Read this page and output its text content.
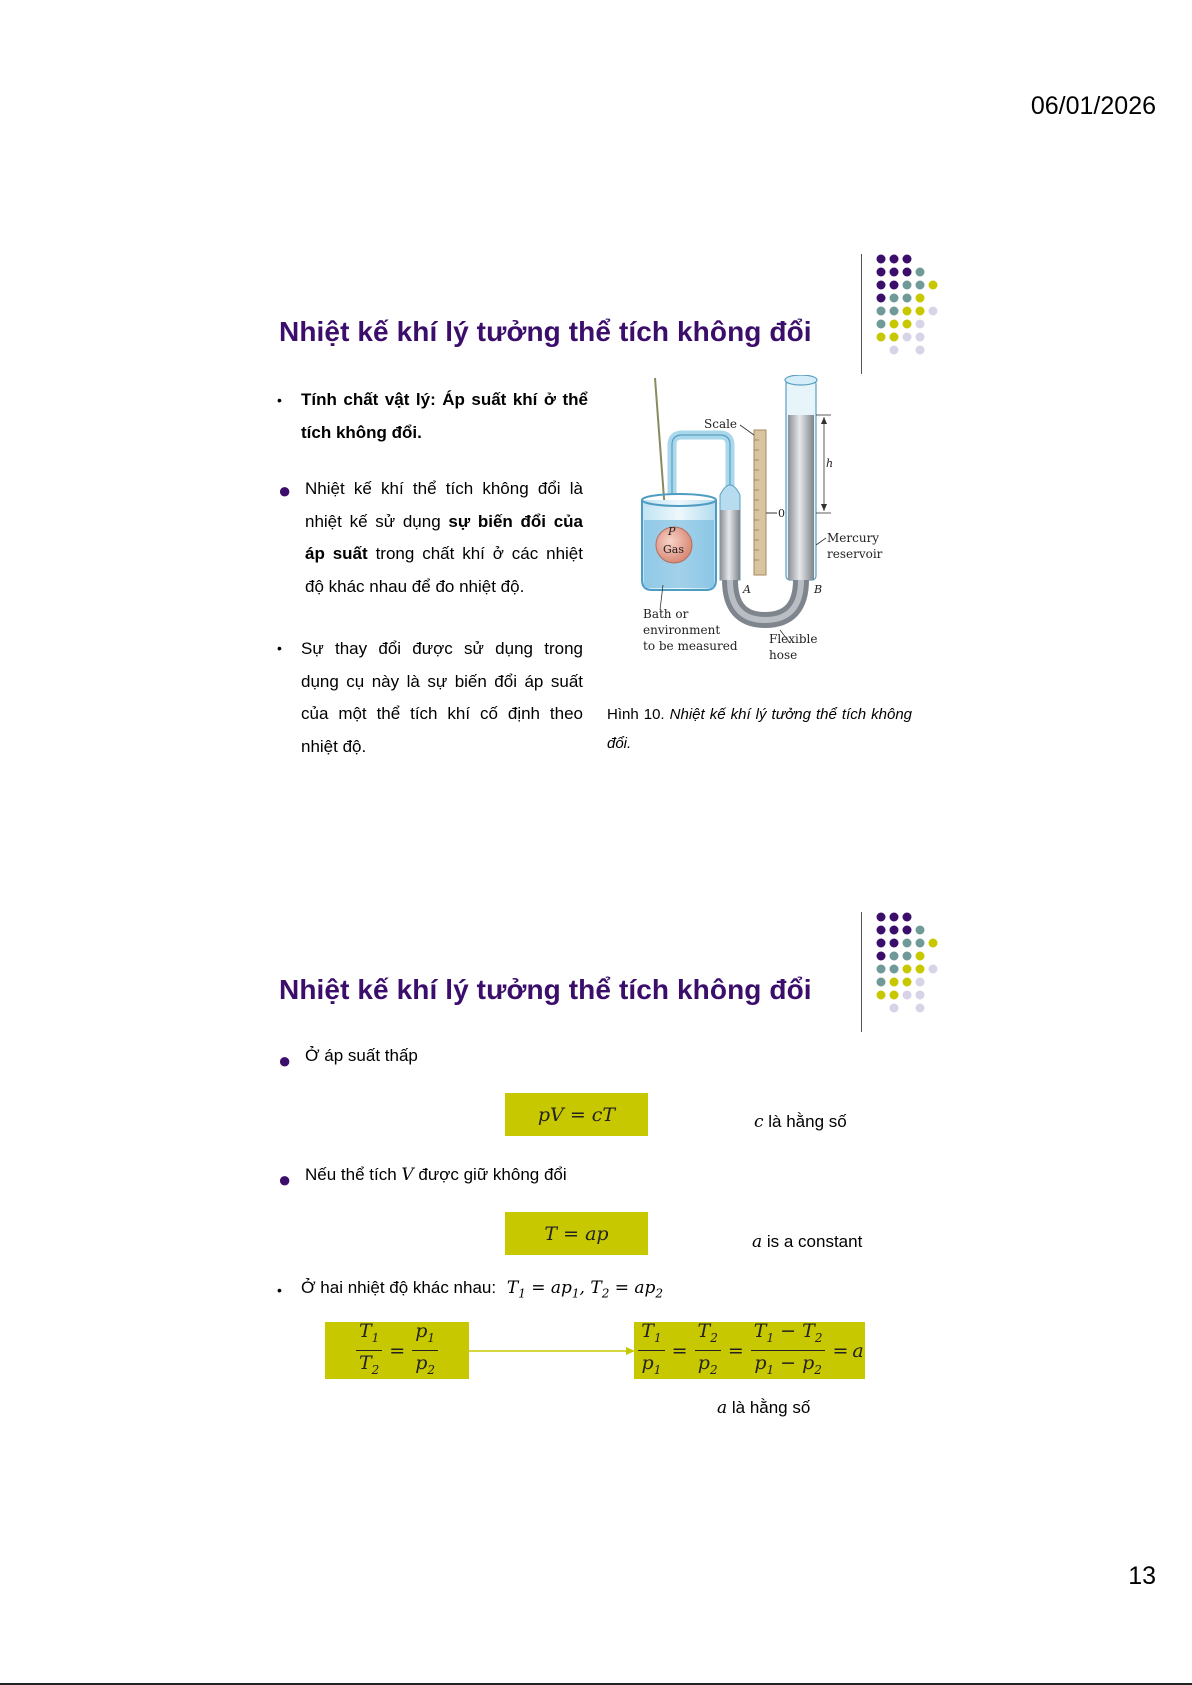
06/01/2026
13
Nhiệt kế khí lý tưởng thể tích không đổi
• Tính chất vật lý: Áp suất khí ở thể tích không đổi.
● Nhiệt kế khí thể tích không đổi là nhiệt kế sử dụng sự biến đổi của áp suất trong chất khí ở các nhiệt độ khác nhau để đo nhiệt độ.
• Sự thay đổi được sử dụng trong dụng cụ này là sự biến đổi áp suất của một thể tích khí cố định theo nhiệt độ.
P
Gas
0
Scale
A	B
h
Mercury
reservoir
Bath or
environment
to be measured	Flexible
hose
Hình 10. Nhiệt kế khí lý tưởng thể tích không đổi.
Nhiệt kế khí lý tưởng thể tích không đổi
● Ở áp suất thấp
pV = cT	c là hằng số
● Nếu thể tích V được giữ không đổi
T = ap	a is a constant
• Ở hai nhiệt độ khác nhau: $T_1 = ap_1$, $T_2 = ap_2$
$\frac{T_1}{T_2} = \frac{p_1}{p_2}$	$\frac{T_1}{p_1} = \frac{T_2}{p_2} = \frac{T_1 - T_2}{p_1 - p_2} = a$
a là hằng số
